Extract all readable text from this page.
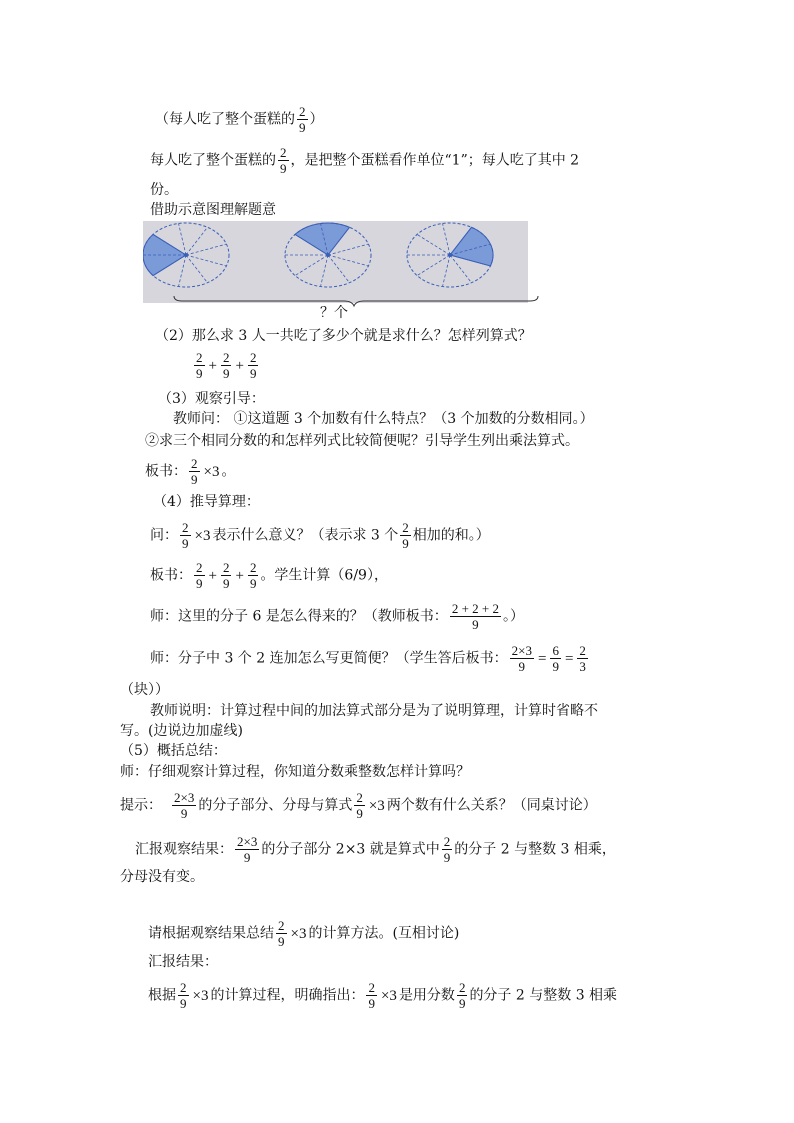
（每人吃了整个蛋糕的 $\frac{2}{9}$ ）
每人吃了整个蛋糕的 $\frac{2}{9}$ ，是把整个蛋糕看作单位“1”；每人吃了其中 2
份。
借助示意图理解题意
？个
（2）那么求 3 人一共吃了多少个就是求什么？怎样列算式？
$\frac{2}{9} + \frac{2}{9} + \frac{2}{9}$
（3）观察引导：
教师问： ①这道题 3 个加数有什么特点？（3 个加数的分数相同。）
②求三个相同分数的和怎样列式比较简便呢？引导学生列出乘法算式。
板书： $\frac{2}{9} \times 3$ 。
（4）推导算理：
问： $\frac{2}{9} \times 3$ 表示什么意义？（表示求 3 个 $\frac{2}{9}$ 相加的和。）
板书： $\frac{2}{9} + \frac{2}{9} + \frac{2}{9}$ 。学生计算（6/9），
师：这里的分子 6 是怎么得来的？（教师板书： $\frac{2 + 2 + 2}{9}$ 。）
师：分子中 3 个 2 连加怎么写更简便？（学生答后板书： $\frac{2\times 3}{9} = \frac{6}{9} = \frac{2}{3}$
（块））
教师说明：计算过程中间的加法算式部分是为了说明算理，计算时省略不
写。(边说边加虚线)
（5）概括总结：
师：仔细观察计算过程，你知道分数乘整数怎样计算吗？
提示： $\frac{2\times 3}{9}$ 的分子部分、分母与算式 $\frac{2}{9} \times 3$ 两个数有什么关系？（同桌讨论）
汇报观察结果： $\frac{2\times 3}{9}$ 的分子部分 2×3 就是算式中 $\frac{2}{9}$ 的分子 2 与整数 3 相乘，
分母没有变。
请根据观察结果总结 $\frac{2}{9} \times 3$ 的计算方法。(互相讨论)
汇报结果：
根据 $\frac{2}{9} \times 3$ 的计算过程，明确指出： $\frac{2}{9} \times 3$ 是用分数 $\frac{2}{9}$ 的分子 2 与整数 3 相乘
